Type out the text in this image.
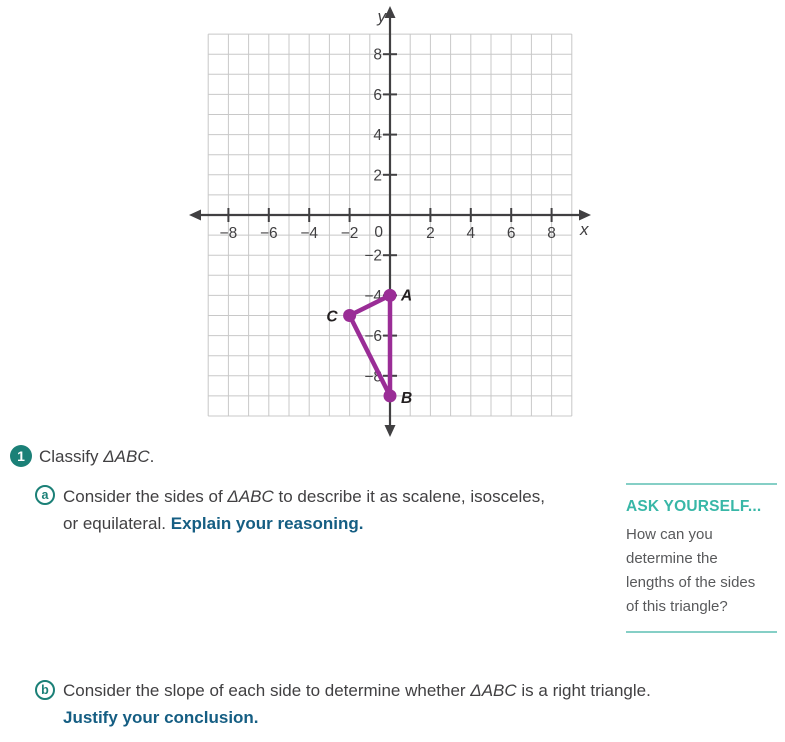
−8 −6 −4 −2	2 4 6 8
8
6
4
2
−2
−4
−6
−8
0
y
x
A
B
C
1 Classify ΔABC.
a Consider the sides of ΔABC to describe it as scalene, isosceles,
or equilateral. Explain your reasoning.
ASK YOURSELF...
How can you
determine the
lengths of the sides
of this triangle?
b Consider the slope of each side to determine whether ΔABC is a right triangle.
Justify your conclusion.
